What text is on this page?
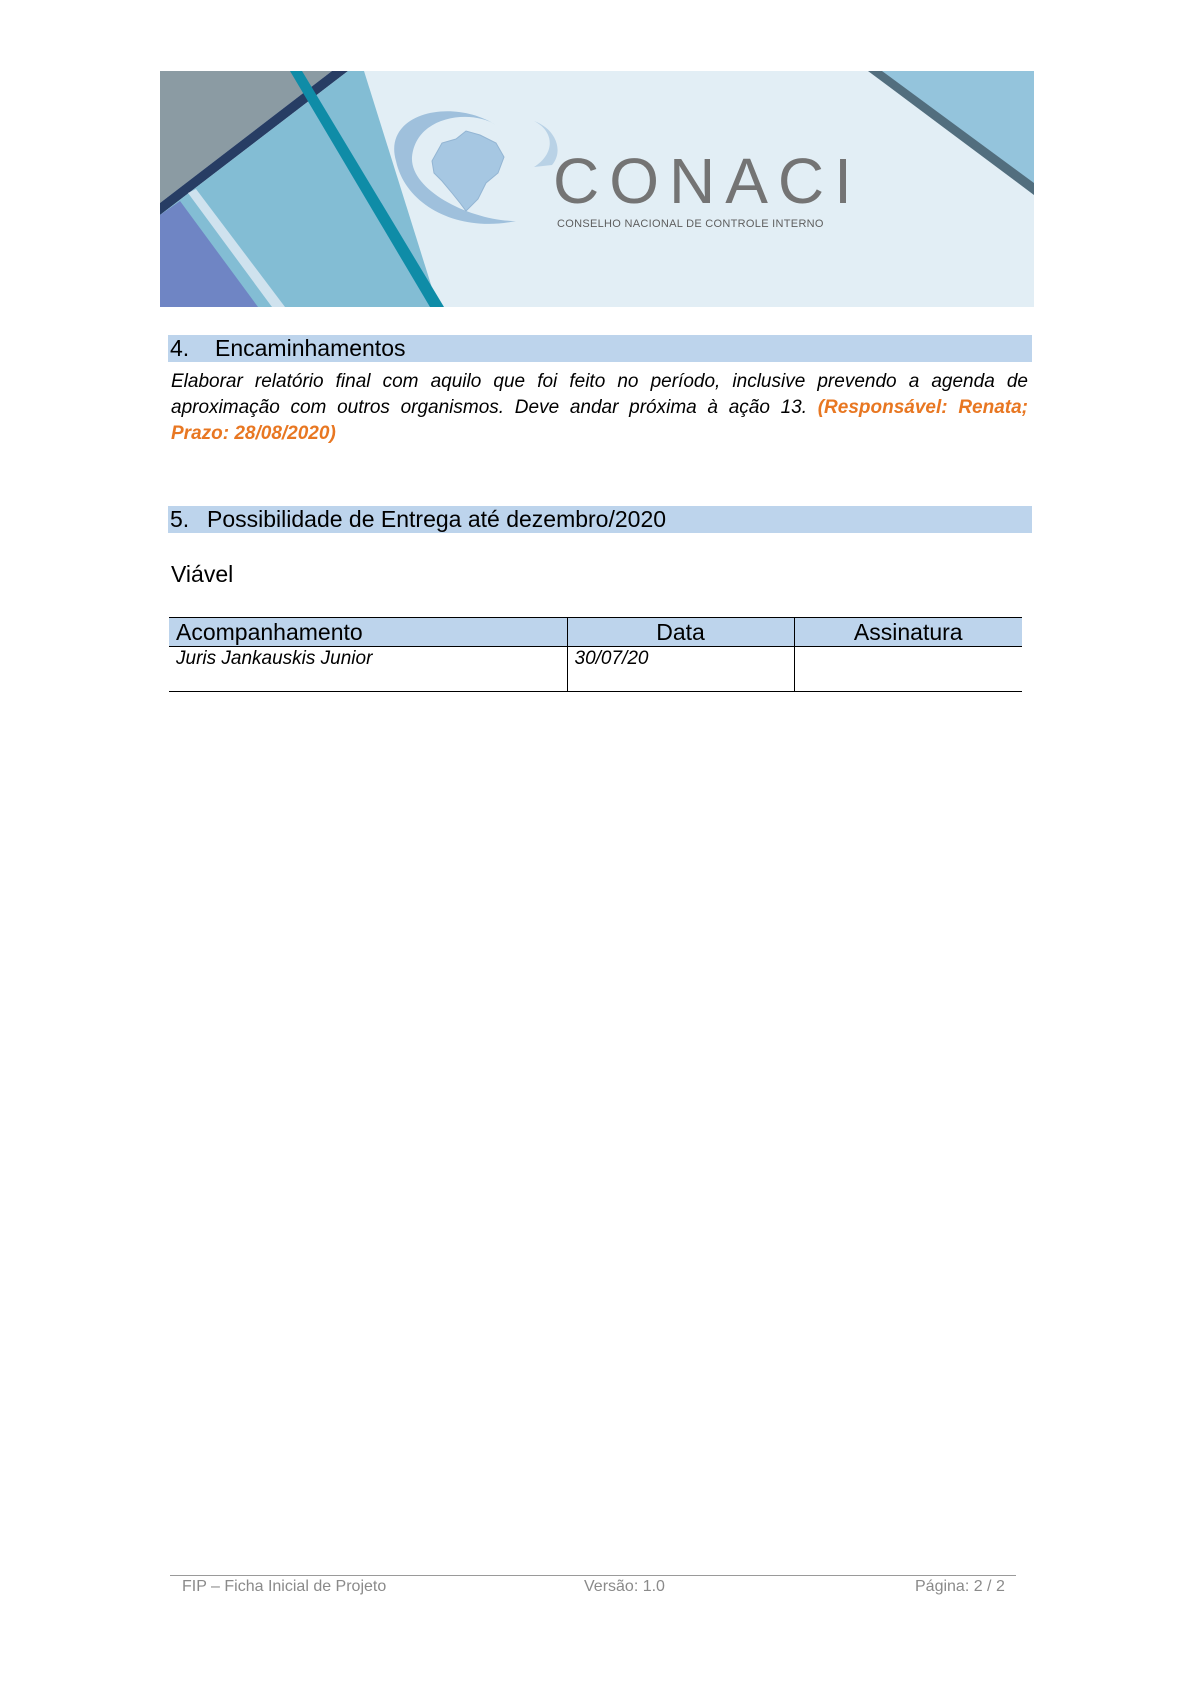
CONACI
CONSELHO NACIONAL DE CONTROLE INTERNO
4. Encaminhamentos
Elaborar relatório final com aquilo que foi feito no período, inclusive prevendo a agenda de aproximação com outros organismos. Deve andar próxima à ação 13. (Responsável: Renata; Prazo: 28/08/2020)
5. Possibilidade de Entrega até dezembro/2020
Viável
Acompanhamento	Data	Assinatura
Juris Jankauskis Junior	30/07/20	
FIP – Ficha Inicial de Projeto	Versão: 1.0	Página: 2 / 2
